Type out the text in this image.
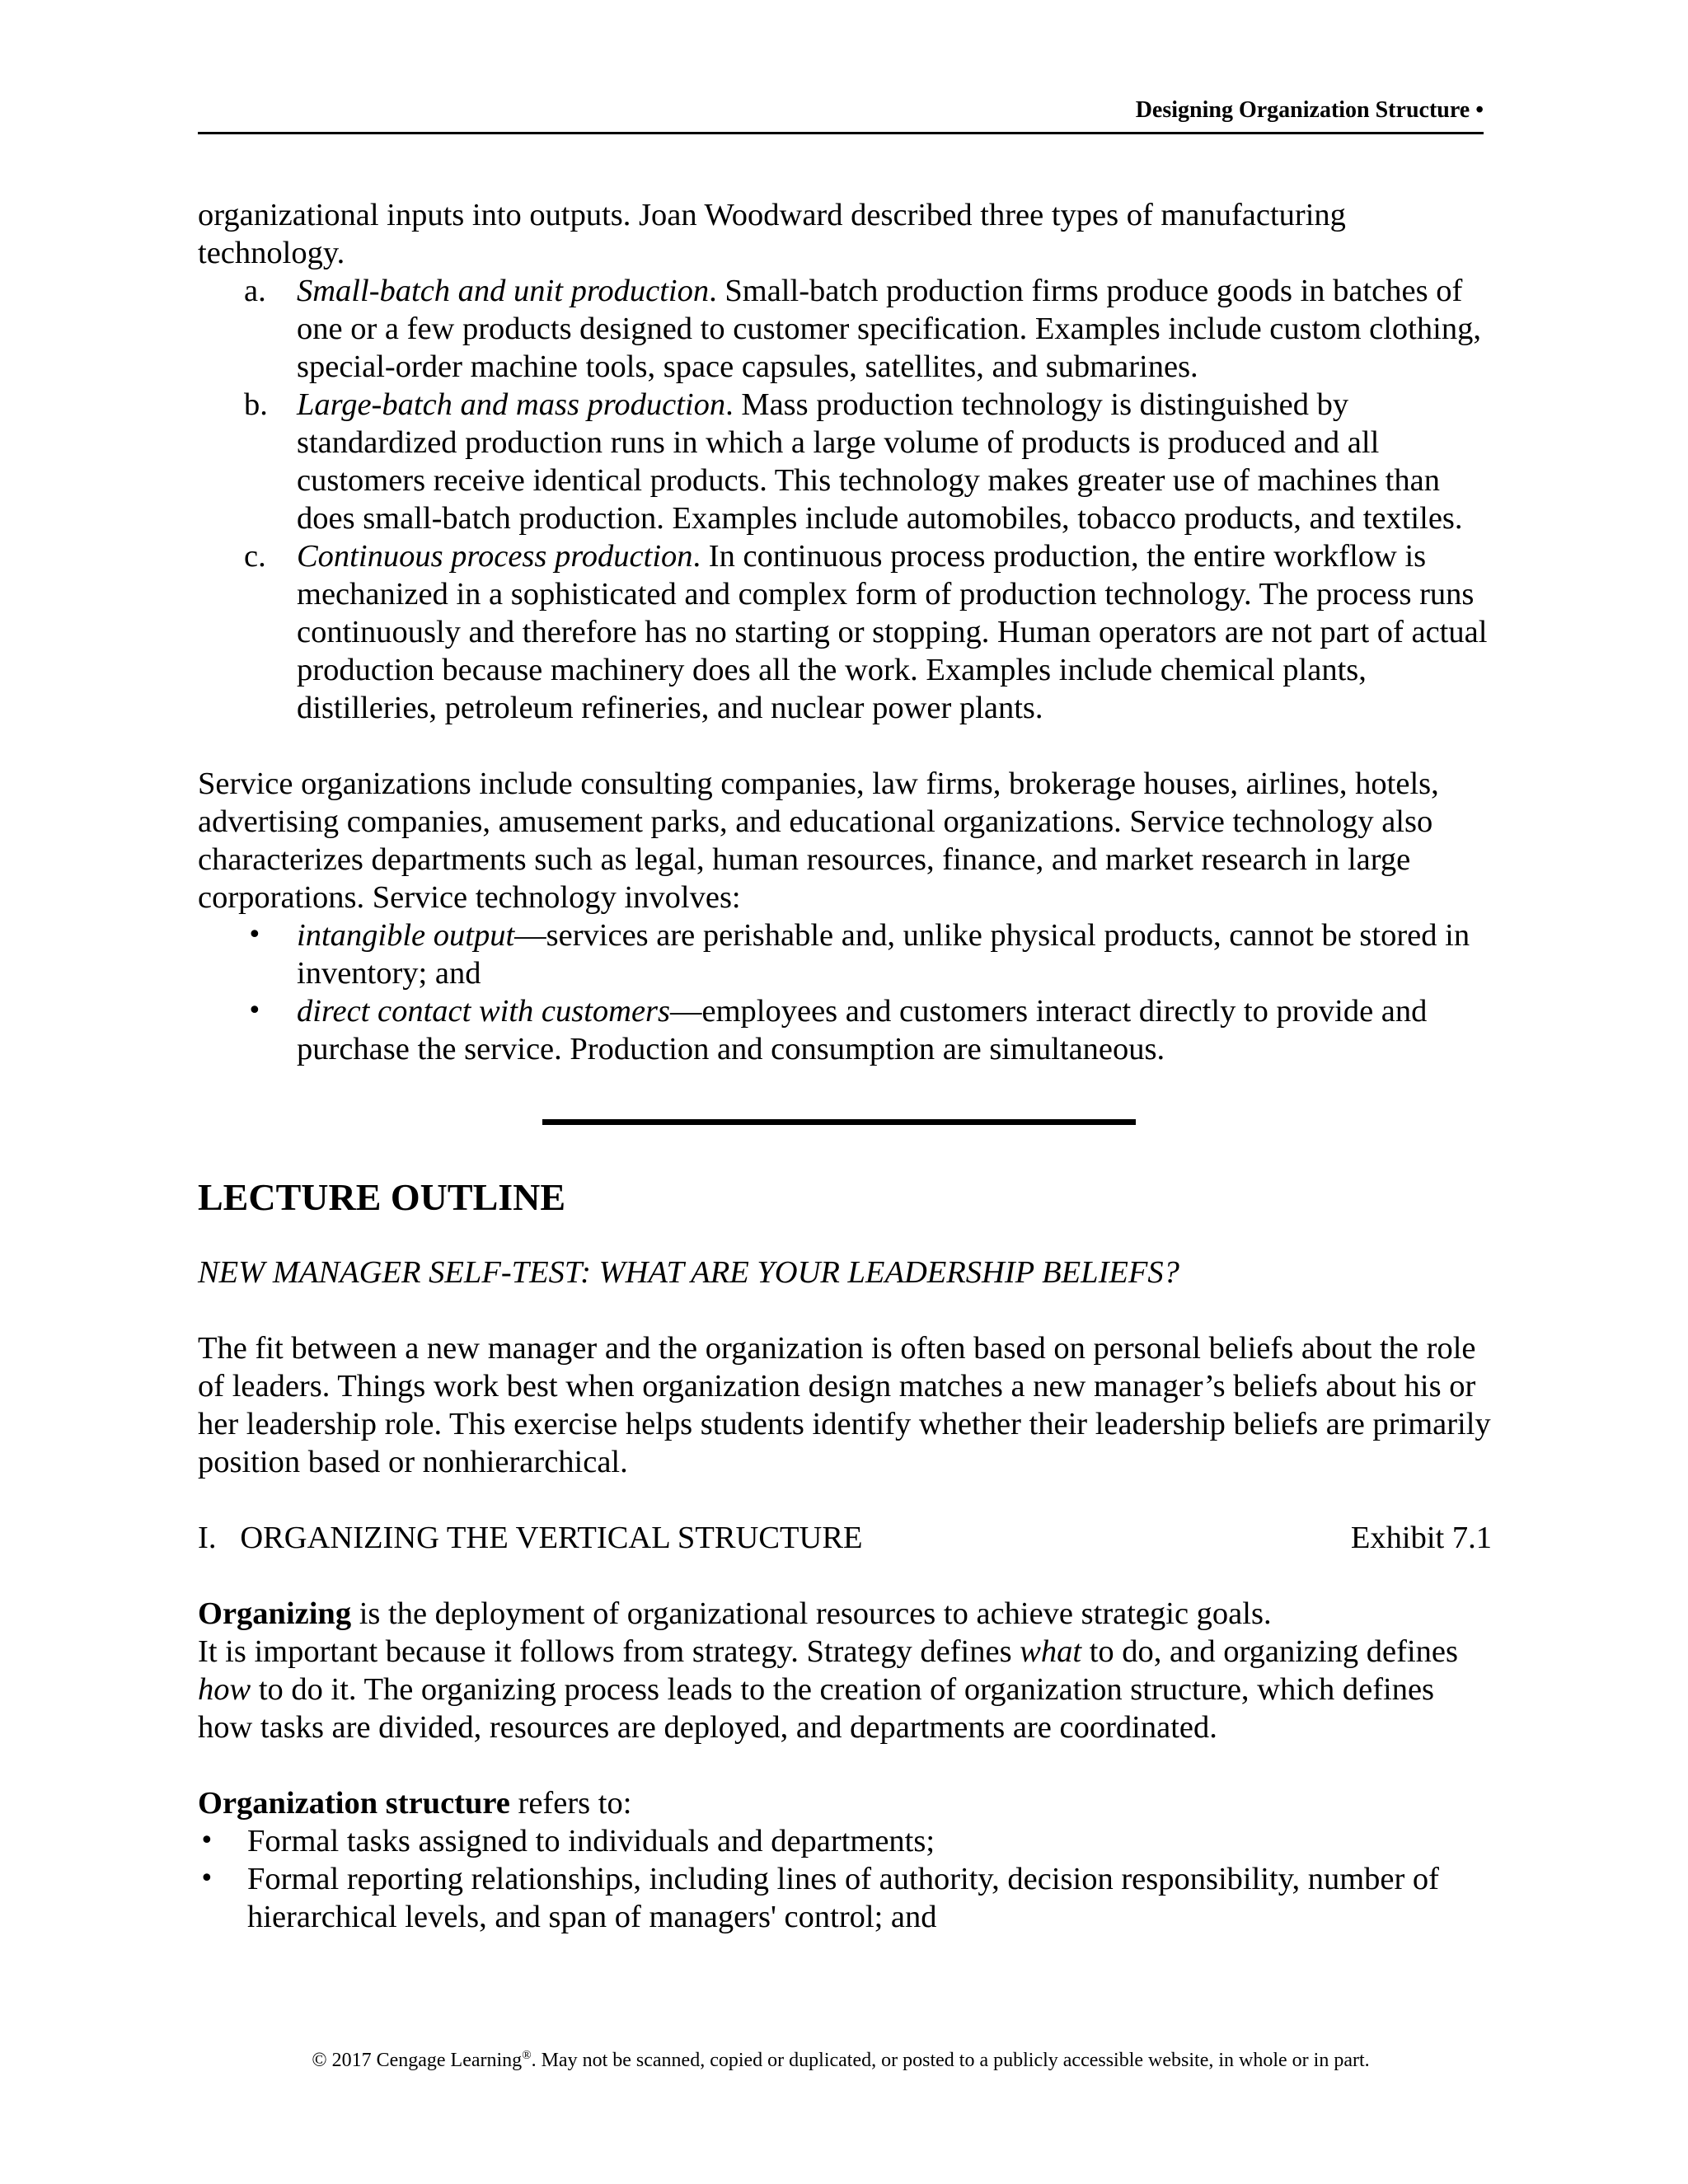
Designing Organization Structure •

organizational inputs into outputs. Joan Woodward described three types of manufacturing technology.

a. Small-batch and unit production. Small-batch production firms produce goods in batches of one or a few products designed to customer specification. Examples include custom clothing, special-order machine tools, space capsules, satellites, and submarines.
b. Large-batch and mass production. Mass production technology is distinguished by standardized production runs in which a large volume of products is produced and all customers receive identical products. This technology makes greater use of machines than does small-batch production. Examples include automobiles, tobacco products, and textiles.
c. Continuous process production. In continuous process production, the entire workflow is mechanized in a sophisticated and complex form of production technology. The process runs continuously and therefore has no starting or stopping. Human operators are not part of actual production because machinery does all the work. Examples include chemical plants, distilleries, petroleum refineries, and nuclear power plants.

Service organizations include consulting companies, law firms, brokerage houses, airlines, hotels, advertising companies, amusement parks, and educational organizations. Service technology also characterizes departments such as legal, human resources, finance, and market research in large corporations. Service technology involves:

• intangible output—services are perishable and, unlike physical products, cannot be stored in inventory; and
• direct contact with customers—employees and customers interact directly to provide and purchase the service. Production and consumption are simultaneous.

LECTURE OUTLINE

NEW MANAGER SELF-TEST: WHAT ARE YOUR LEADERSHIP BELIEFS?

The fit between a new manager and the organization is often based on personal beliefs about the role of leaders. Things work best when organization design matches a new manager’s beliefs about his or her leadership role. This exercise helps students identify whether their leadership beliefs are primarily position based or nonhierarchical.

I. ORGANIZING THE VERTICAL STRUCTURE	Exhibit 7.1

Organizing is the deployment of organizational resources to achieve strategic goals.

It is important because it follows from strategy. Strategy defines what to do, and organizing defines how to do it. The organizing process leads to the creation of organization structure, which defines how tasks are divided, resources are deployed, and departments are coordinated.

Organization structure refers to:

• Formal tasks assigned to individuals and departments;
• Formal reporting relationships, including lines of authority, decision responsibility, number of hierarchical levels, and span of managers' control; and
© 2017 Cengage Learning®. May not be scanned, copied or duplicated, or posted to a publicly accessible website, in whole or in part.
